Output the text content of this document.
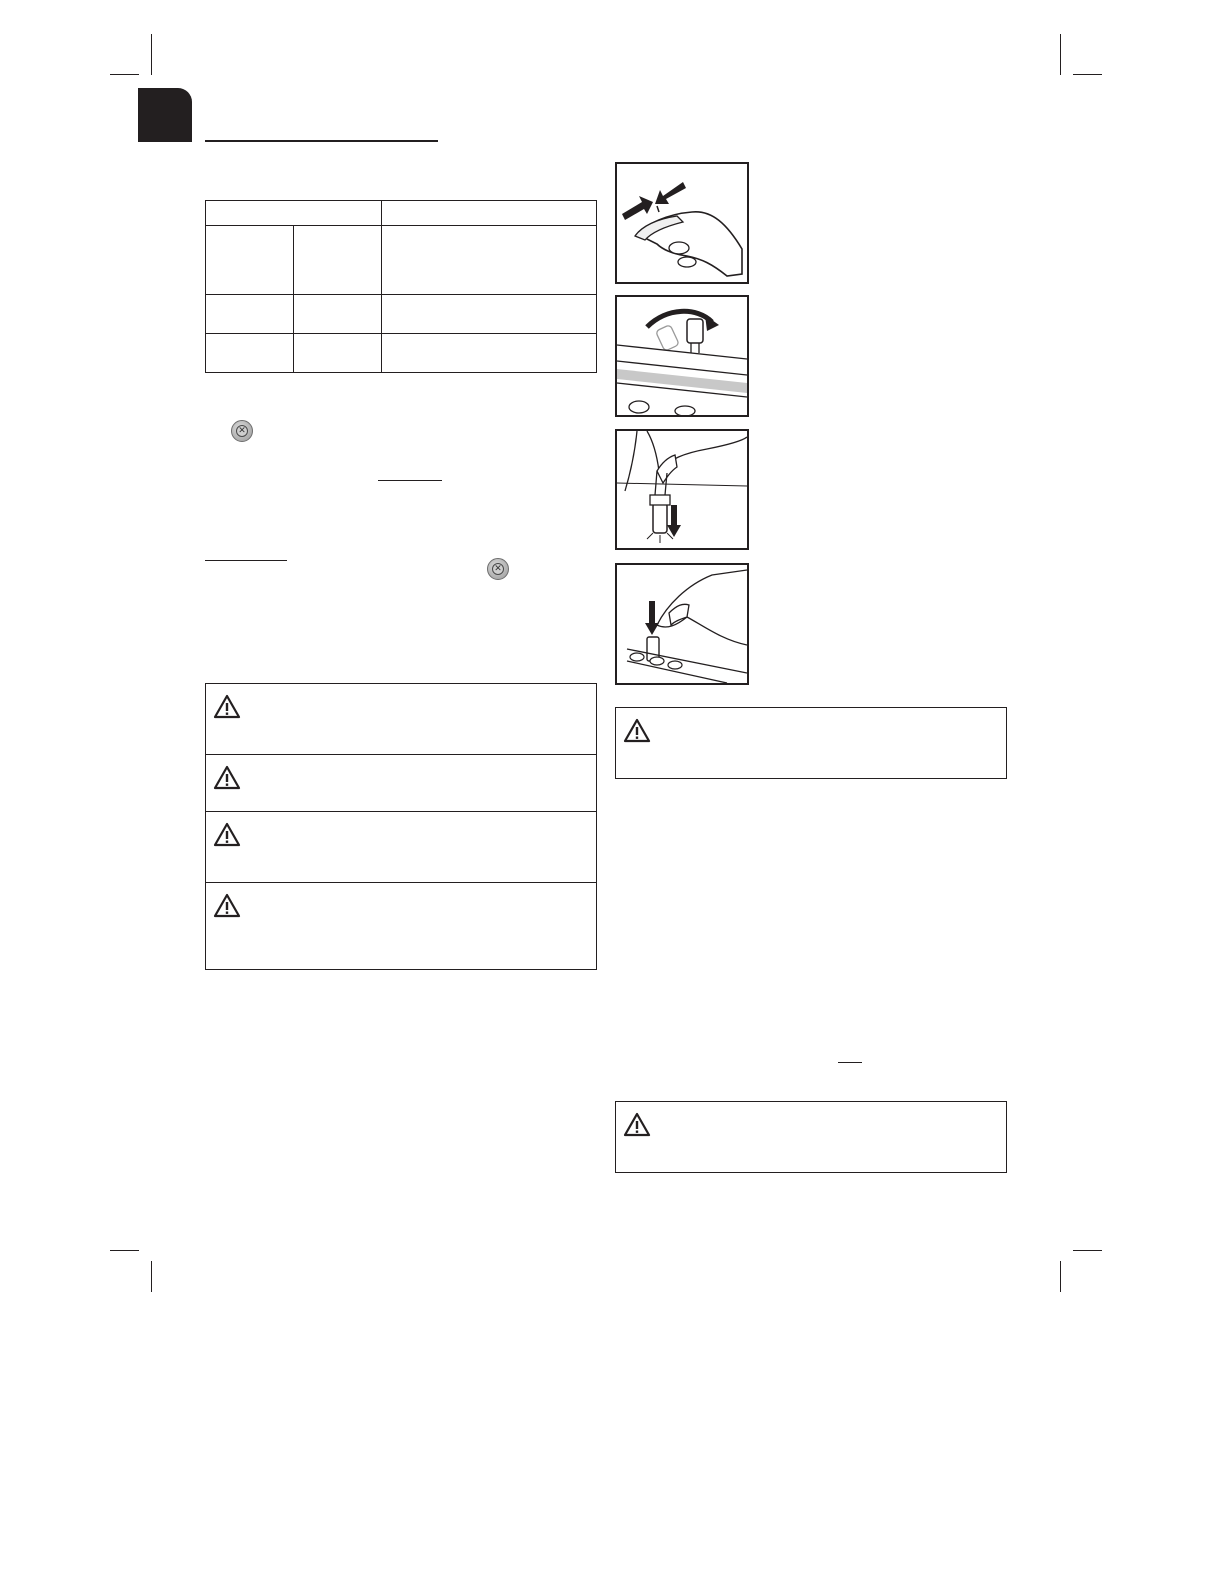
✕
✕
